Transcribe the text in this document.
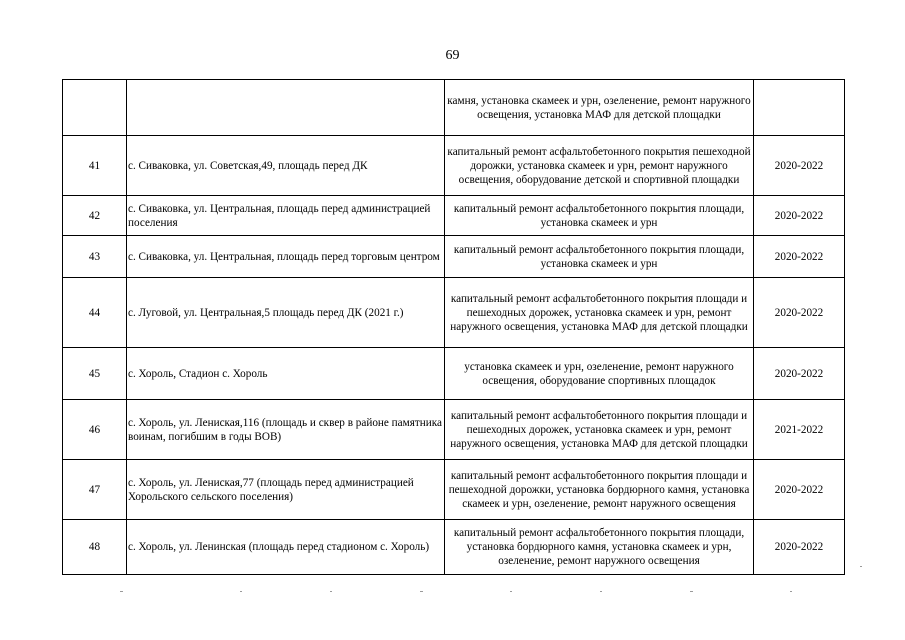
69
		камня, установка скамеек и урн, озеленение, ремонт наружного освещения, установка МАФ для детской площадки	
41	с. Сиваковка, ул. Советская,49, площадь перед ДК	капитальный ремонт асфальтобетонного покрытия пешеходной дорожки, установка скамеек и урн, ремонт наружного освещения, оборудование детской и спортивной площадки	2020-2022
42	с. Сиваковка, ул. Центральная, площадь перед администрацией поселения	капитальный ремонт асфальтобетонного покрытия площади, установка скамеек и урн	2020-2022
43	с. Сиваковка, ул. Центральная, площадь перед торговым центром	капитальный ремонт асфальтобетонного покрытия площади, установка скамеек и урн	2020-2022
44	с. Луговой, ул. Центральная,5 площадь перед ДК (2021 г.)	капитальный ремонт асфальтобетонного покрытия площади и пешеходных дорожек, установка скамеек и урн, ремонт наружного освещения, установка МАФ для детской площадки	2020-2022
45	с. Хороль, Стадион с. Хороль	установка скамеек и урн, озеленение, ремонт наружного освещения, оборудование спортивных площадок	2020-2022
46	с. Хороль, ул. Лениская,116 (площадь и сквер в районе памятника воинам, погибшим в годы ВОВ)	капитальный ремонт асфальтобетонного покрытия площади и пешеходных дорожек, установка скамеек и урн, ремонт наружного освещения, установка МАФ для детской площадки	2021-2022
47	с. Хороль, ул. Лениская,77 (площадь перед администрацией Хорольского сельского поселения)	капитальный ремонт асфальтобетонного покрытия площади и пешеходной дорожки, установка бордюрного камня, установка скамеек и урн, озеленение, ремонт наружного освещения	2020-2022
48	с. Хороль, ул. Ленинская (площадь перед стадионом с. Хороль)	капитальный ремонт асфальтобетонного покрытия площади, установка бордюрного камня, установка скамеек и урн, озеленение, ремонт наружного освещения	2020-2022
